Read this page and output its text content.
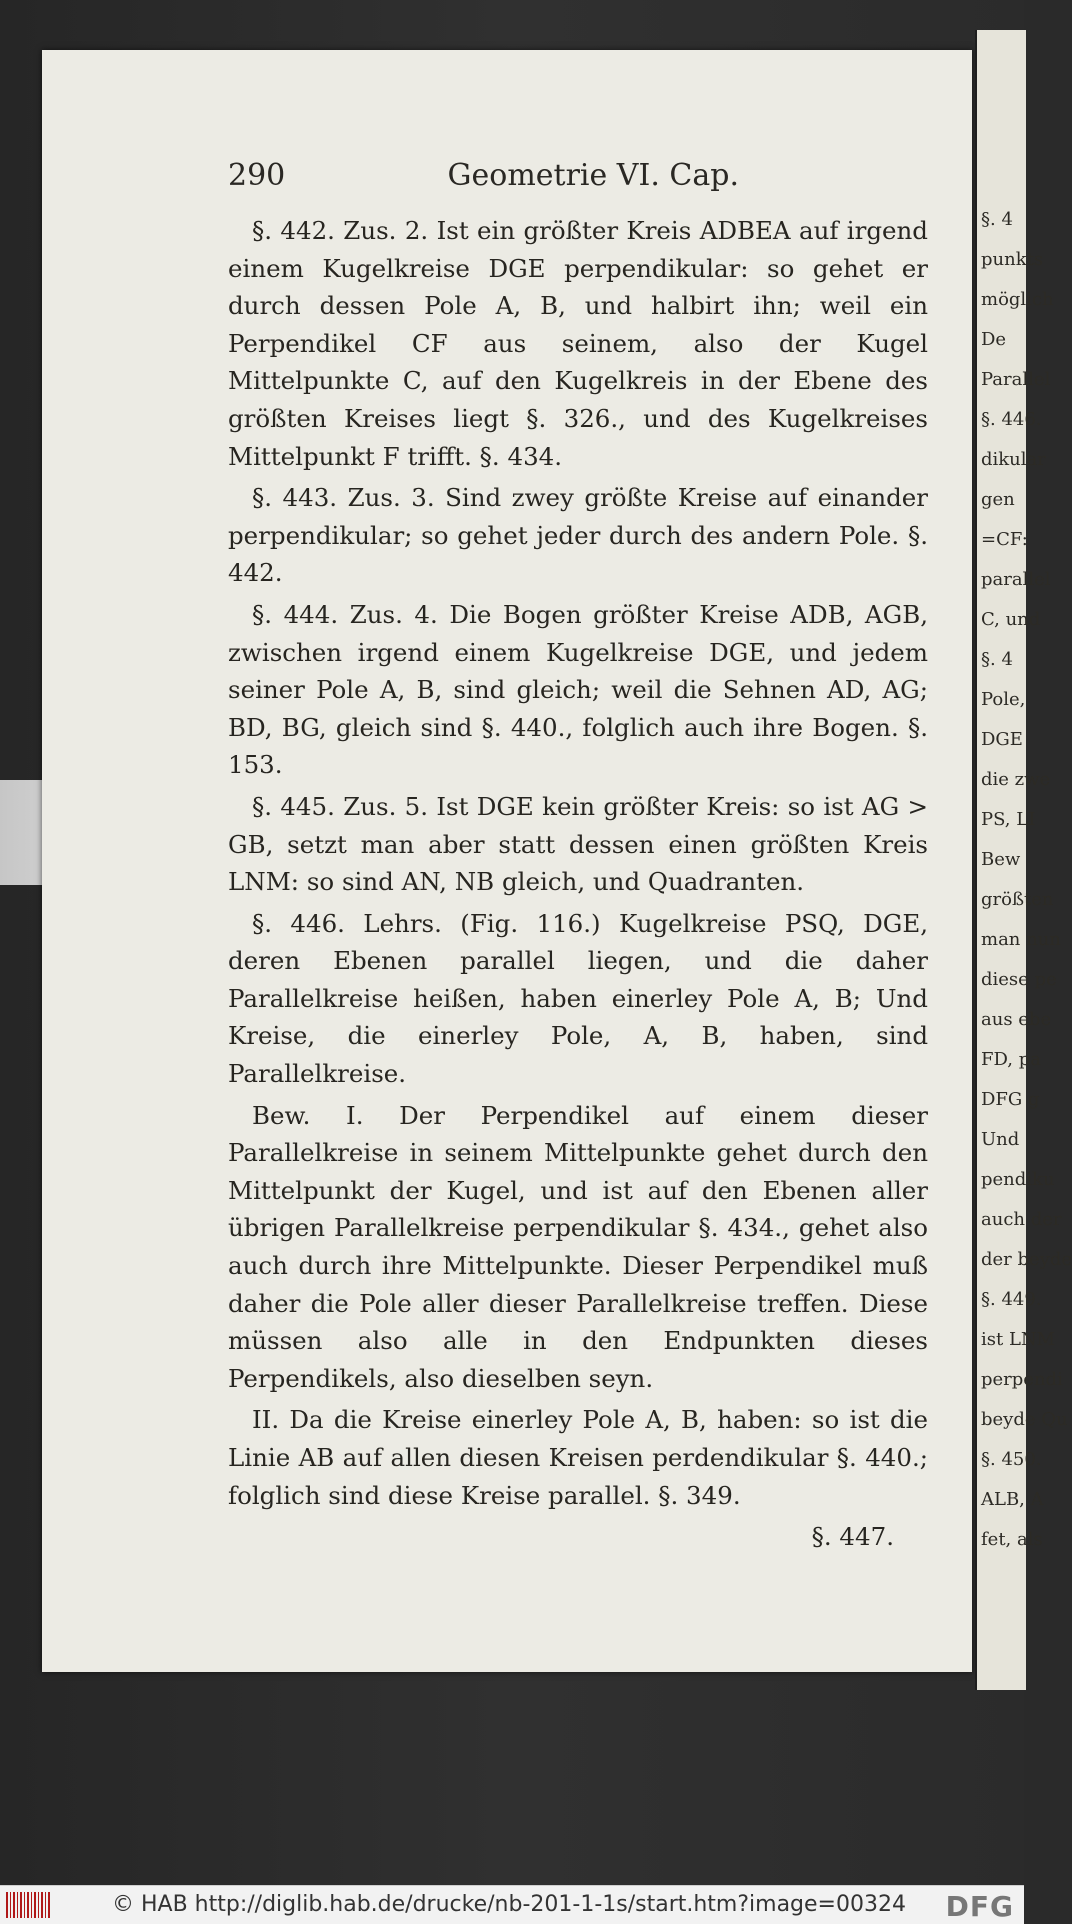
§. 4
punkts
möglich
De
Parallel
§. 446.
dikular
gen
=CF:
parallel
C, und
§. 4
Pole,
DGE
die zwe
PS, LI
Bew
größten
man nun
diese pe
aus ebe
FD, pa
DFG g
Und
pendiku
auch der
der beyde
§. 449.
ist LNM
perpendi
beyde Qu
§. 450.
ALB, A
fet, als
290	Geometrie VI. Cap.

§. 442. Zus. 2. Ist ein größter Kreis ADBEA auf irgend einem Kugelkreise DGE perpendikular: so gehet er durch dessen Pole A, B, und halbirt ihn; weil ein Perpendikel CF aus seinem, also der Kugel Mittelpunkte C, auf den Kugelkreis in der Ebene des größten Kreises liegt §. 326., und des Kugelkreises Mittelpunkt F trifft. §. 434.

§. 443. Zus. 3. Sind zwey größte Kreise auf einander perpendikular; so gehet jeder durch des andern Pole. §. 442.

§. 444. Zus. 4. Die Bogen größter Kreise ADB, AGB, zwischen irgend einem Kugelkreise DGE, und jedem seiner Pole A, B, sind gleich; weil die Sehnen AD, AG; BD, BG, gleich sind §. 440., folglich auch ihre Bogen. §. 153.

§. 445. Zus. 5. Ist DGE kein größter Kreis: so ist AG > GB, setzt man aber statt dessen einen größten Kreis LNM: so sind AN, NB gleich, und Quadranten.

§. 446. Lehrs. (Fig. 116.) Kugelkreise PSQ, DGE, deren Ebenen parallel liegen, und die daher Parallelkreise heißen, haben einerley Pole A, B; Und Kreise, die einerley Pole, A, B, haben, sind Parallelkreise.

Bew. I. Der Perpendikel auf einem dieser Parallelkreise in seinem Mittelpunkte gehet durch den Mittelpunkt der Kugel, und ist auf den Ebenen aller übrigen Parallelkreise perpendikular §. 434., gehet also auch durch ihre Mittelpunkte. Dieser Perpendikel muß daher die Pole aller dieser Parallelkreise treffen. Diese müssen also alle in den Endpunkten dieses Perpendikels, also dieselben seyn.

II. Da die Kreise einerley Pole A, B, haben: so ist die Linie AB auf allen diesen Kreisen perdendikular §. 440.; folglich sind diese Kreise parallel. §. 349.

§. 447.
© HAB http://diglib.hab.de/drucke/nb-201-1-1s/start.htm?image=00324 DFG
